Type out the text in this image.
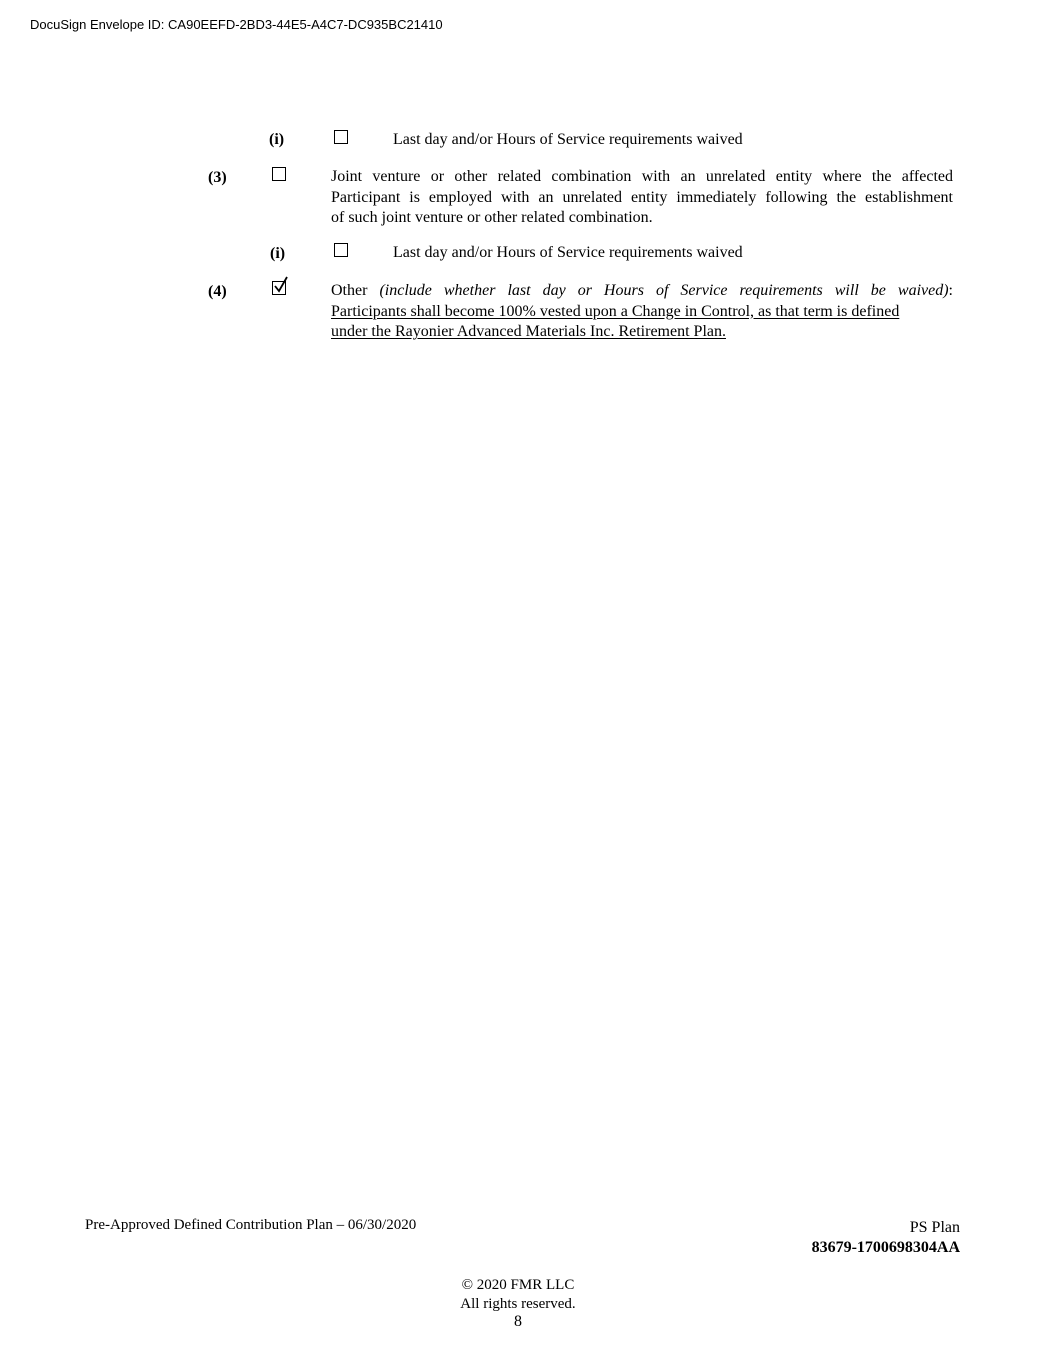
DocuSign Envelope ID: CA90EEFD-2BD3-44E5-A4C7-DC935BC21410
(i)	Last day and/or Hours of Service requirements waived
(3)	Joint venture or other related combination with an unrelated entity where the affected
Participant is employed with an unrelated entity immediately following the establishment
of such joint venture or other related combination.
(i)	Last day and/or Hours of Service requirements waived
(4)	Other (include whether last day or Hours of Service requirements will be waived):
Participants shall become 100% vested upon a Change in Control, as that term is defined
under the Rayonier Advanced Materials Inc. Retirement Plan.
Pre-Approved Defined Contribution Plan – 06/30/2020	PS Plan
83679-1700698304AA
© 2020 FMR LLC
All rights reserved.
8
